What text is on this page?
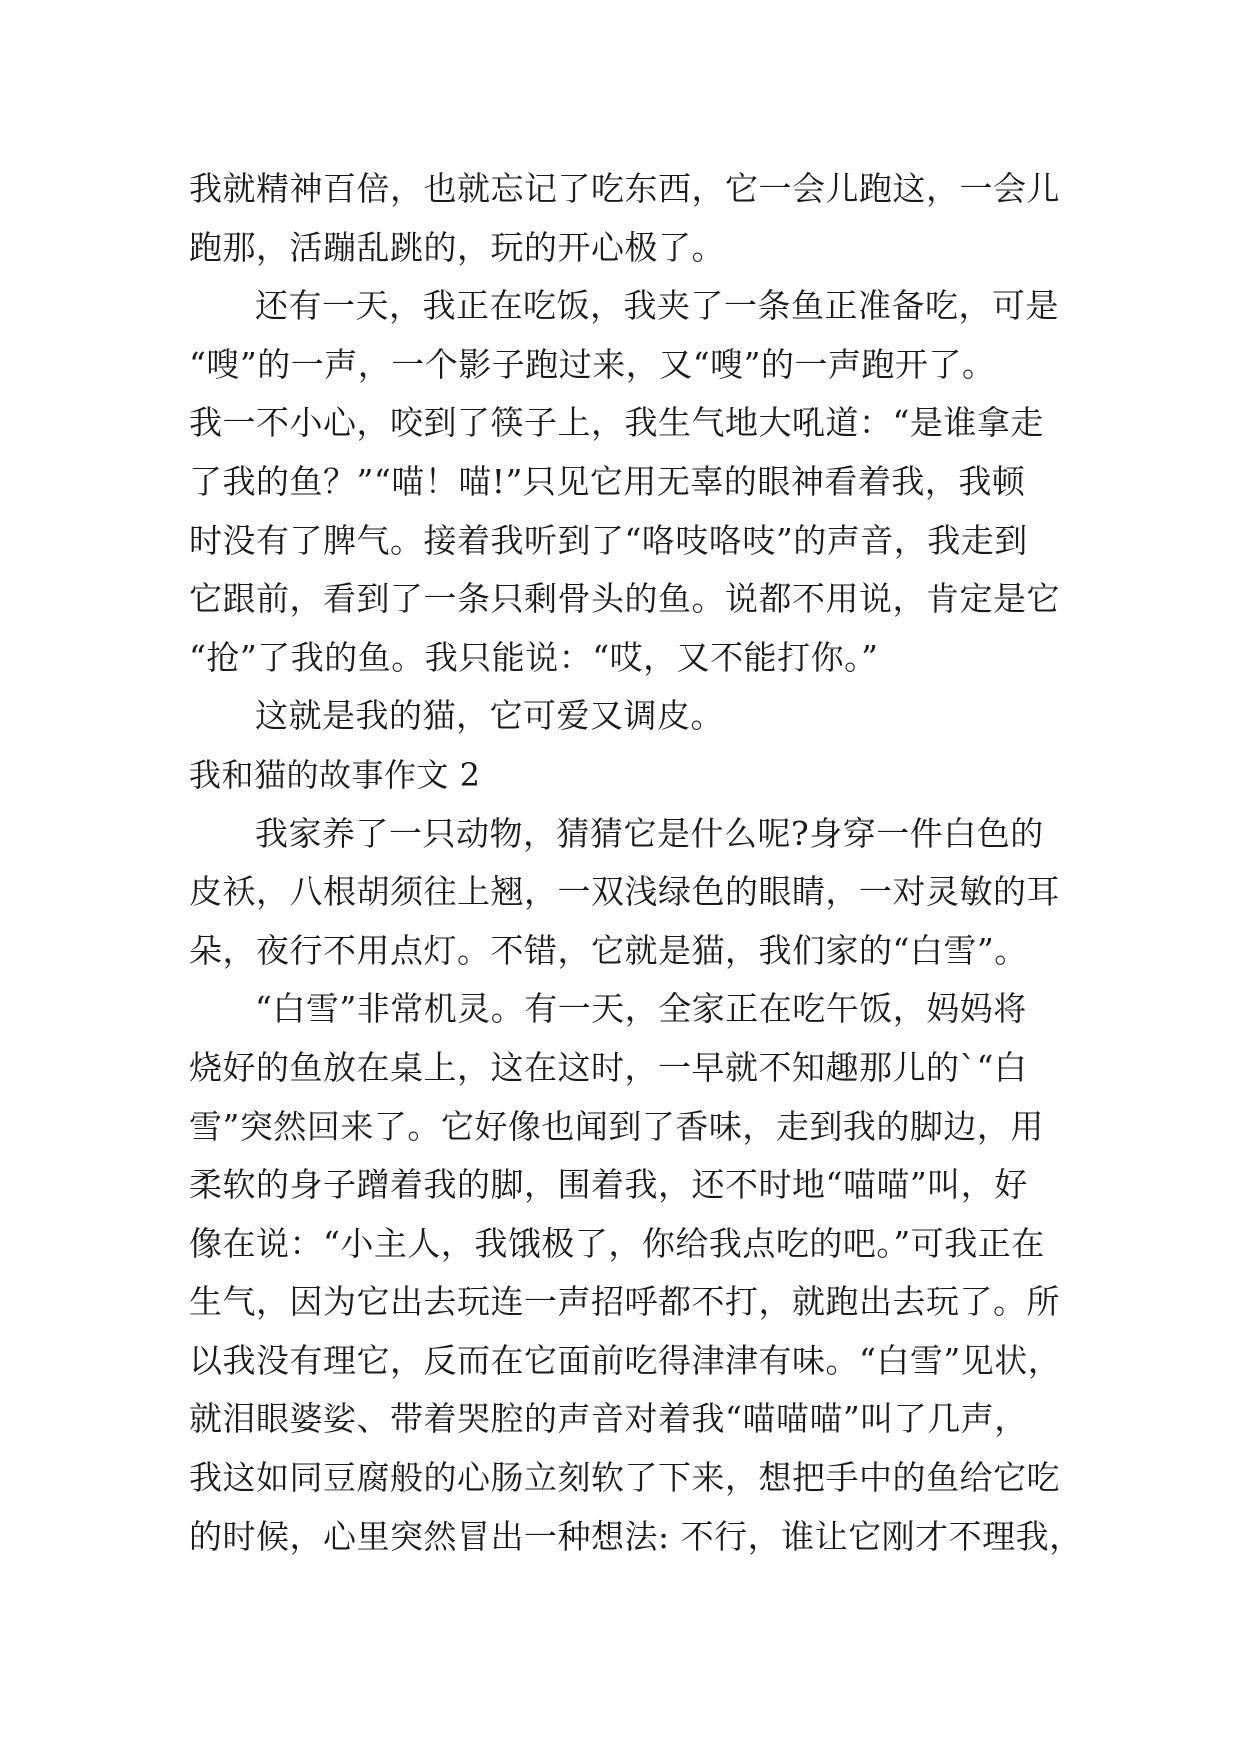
我就精神百倍，也就忘记了吃东西，它一会儿跑这，一会儿
跑那，活蹦乱跳的，玩的开心极了。
还有一天，我正在吃饭，我夹了一条鱼正准备吃，可是
“嗖”的一声，一个影子跑过来，又“嗖”的一声跑开了。
我一不小心，咬到了筷子上，我生气地大吼道：“是谁拿走
了我的鱼？”“喵！喵!”只见它用无辜的眼神看着我，我顿
时没有了脾气。接着我听到了“咯吱咯吱”的声音，我走到
它跟前，看到了一条只剩骨头的鱼。说都不用说，肯定是它
“抢”了我的鱼。我只能说：“哎，又不能打你。”
这就是我的猫，它可爱又调皮。
我和猫的故事作文 2
我家养了一只动物，猜猜它是什么呢?身穿一件白色的
皮袄，八根胡须往上翘，一双浅绿色的眼睛，一对灵敏的耳
朵，夜行不用点灯。不错，它就是猫，我们家的“白雪”。
“白雪”非常机灵。有一天，全家正在吃午饭，妈妈将
烧好的鱼放在桌上，这在这时，一早就不知趣那儿的`“白
雪”突然回来了。它好像也闻到了香味，走到我的脚边，用
柔软的身子蹭着我的脚，围着我，还不时地“喵喵”叫，好
像在说：“小主人，我饿极了，你给我点吃的吧。”可我正在
生气，因为它出去玩连一声招呼都不打，就跑出去玩了。所
以我没有理它，反而在它面前吃得津津有味。“白雪”见状，
就泪眼婆娑、带着哭腔的声音对着我“喵喵喵”叫了几声，
我这如同豆腐般的心肠立刻软了下来，想把手中的鱼给它吃
的时候，心里突然冒出一种想法: 不行，谁让它刚才不理我，
